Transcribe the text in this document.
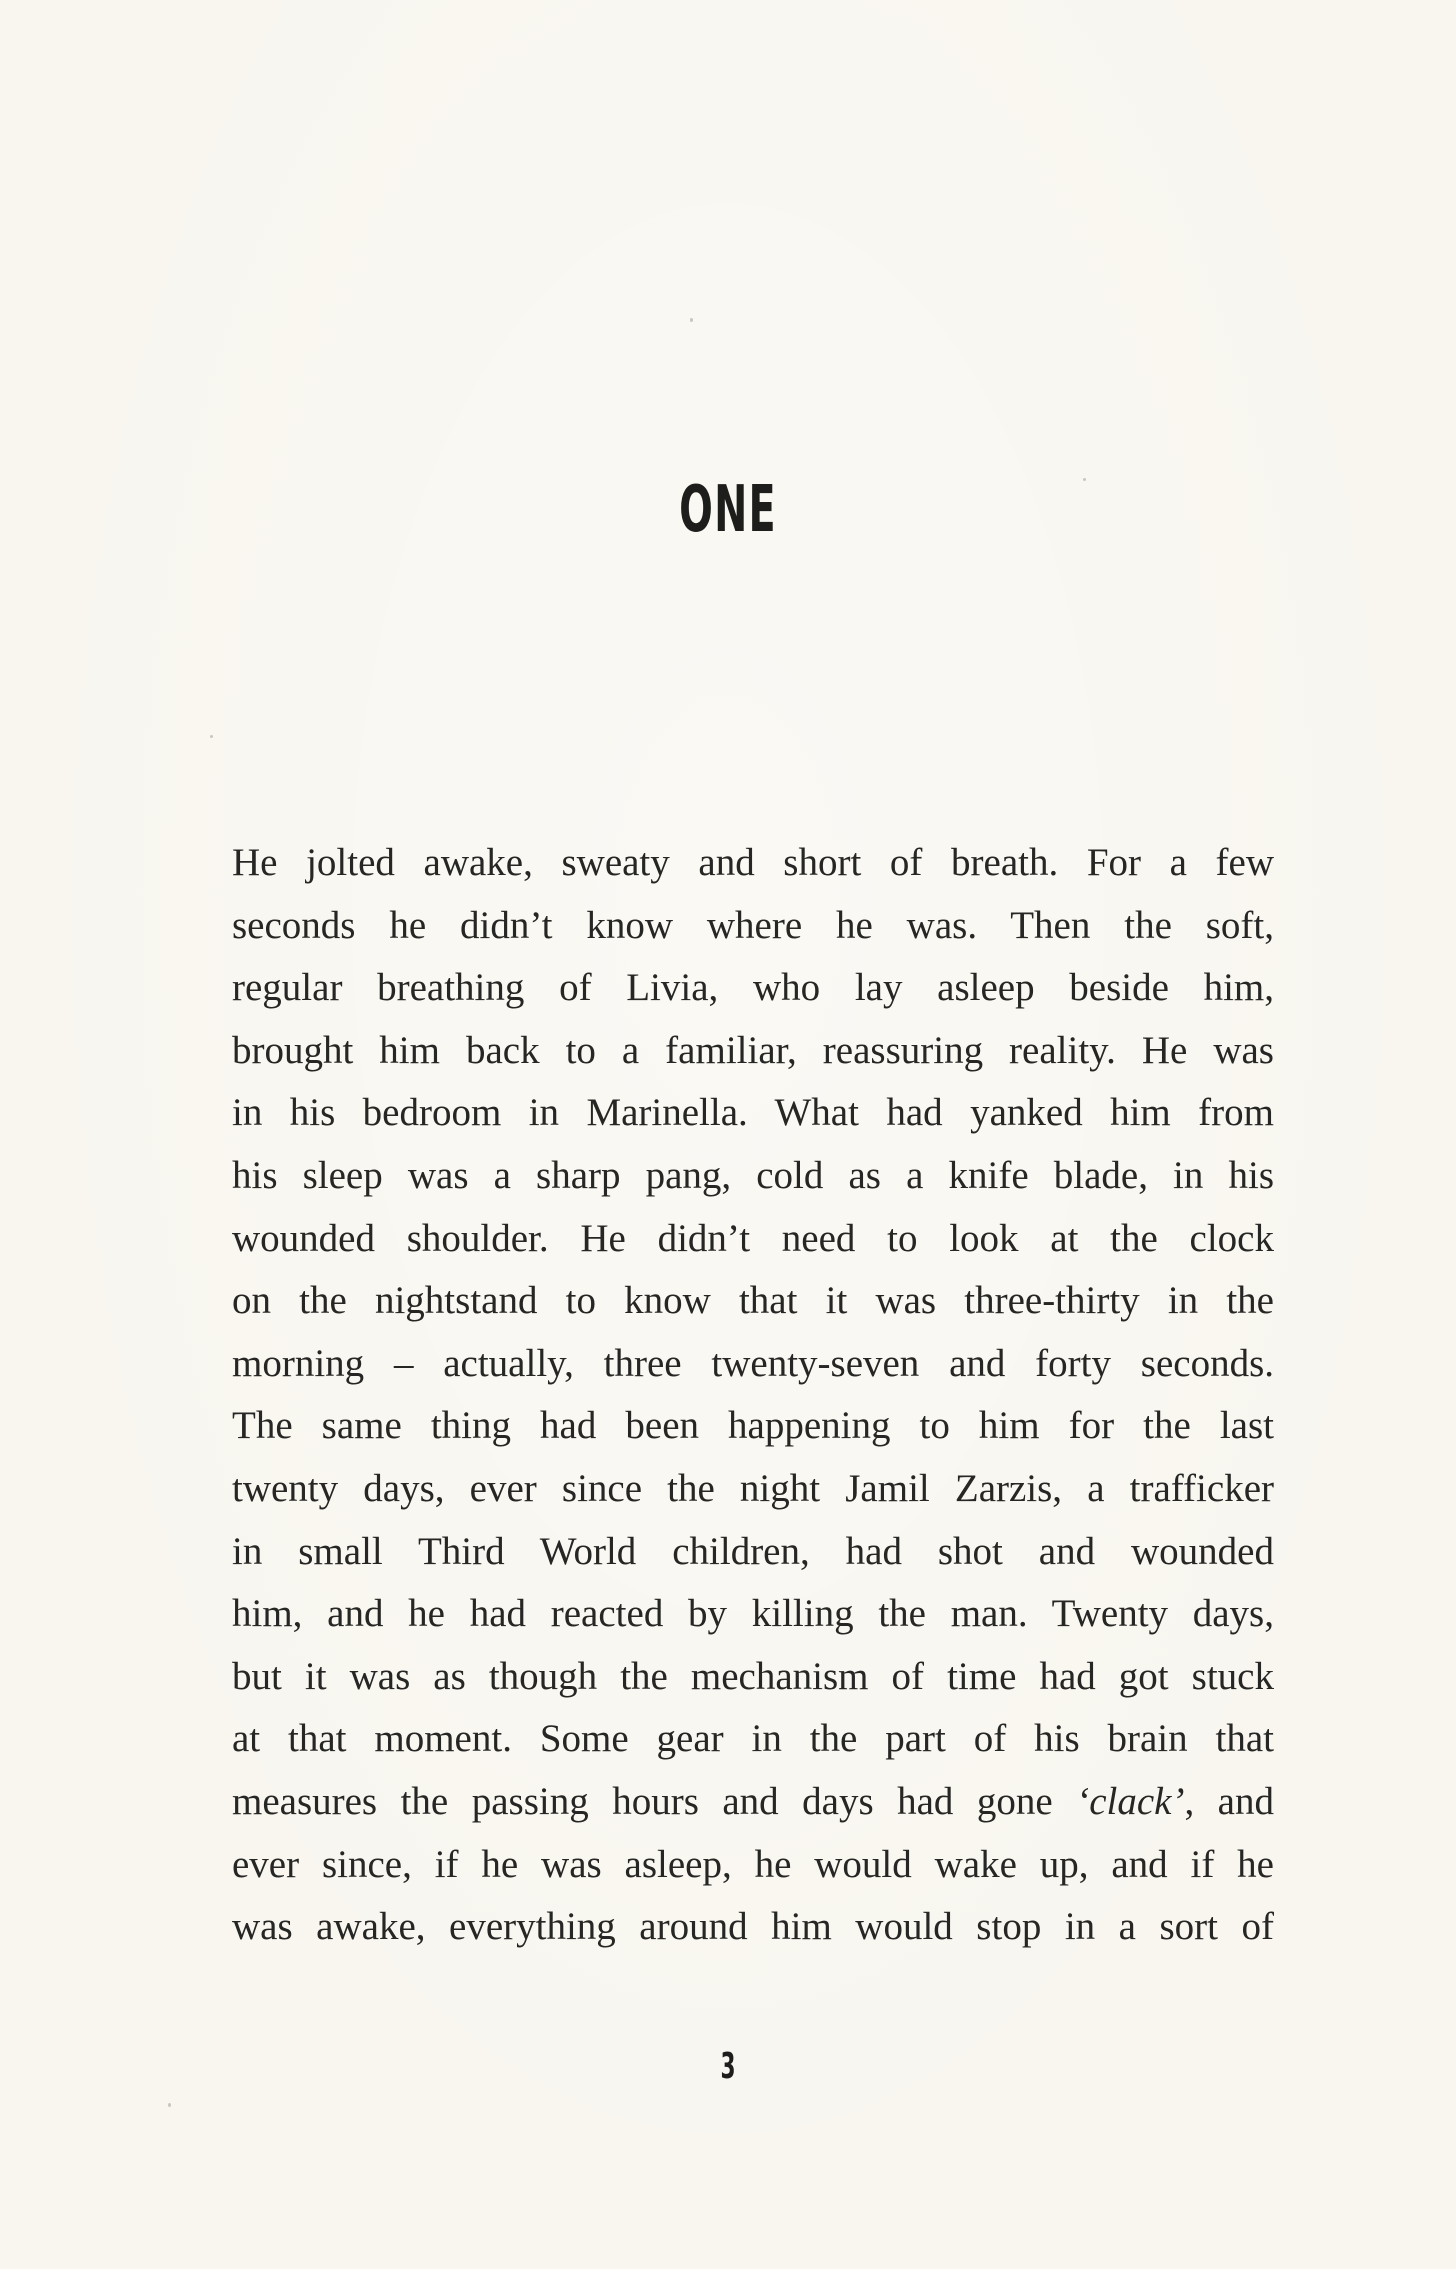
ONE
He jolted awake, sweaty and short of breath. For a few
seconds he didn’t know where he was. Then the soft,
regular breathing of Livia, who lay asleep beside him,
brought him back to a familiar, reassuring reality. He was
in his bedroom in Marinella. What had yanked him from
his sleep was a sharp pang, cold as a knife blade, in his
wounded shoulder. He didn’t need to look at the clock
on the nightstand to know that it was three-thirty in the
morning – actually, three twenty-seven and forty seconds.
The same thing had been happening to him for the last
twenty days, ever since the night Jamil Zarzis, a trafficker
in small Third World children, had shot and wounded
him, and he had reacted by killing the man. Twenty days,
but it was as though the mechanism of time had got stuck
at that moment. Some gear in the part of his brain that
measures the passing hours and days had gone ‘clack’, and
ever since, if he was asleep, he would wake up, and if he
was awake, everything around him would stop in a sort of
3
